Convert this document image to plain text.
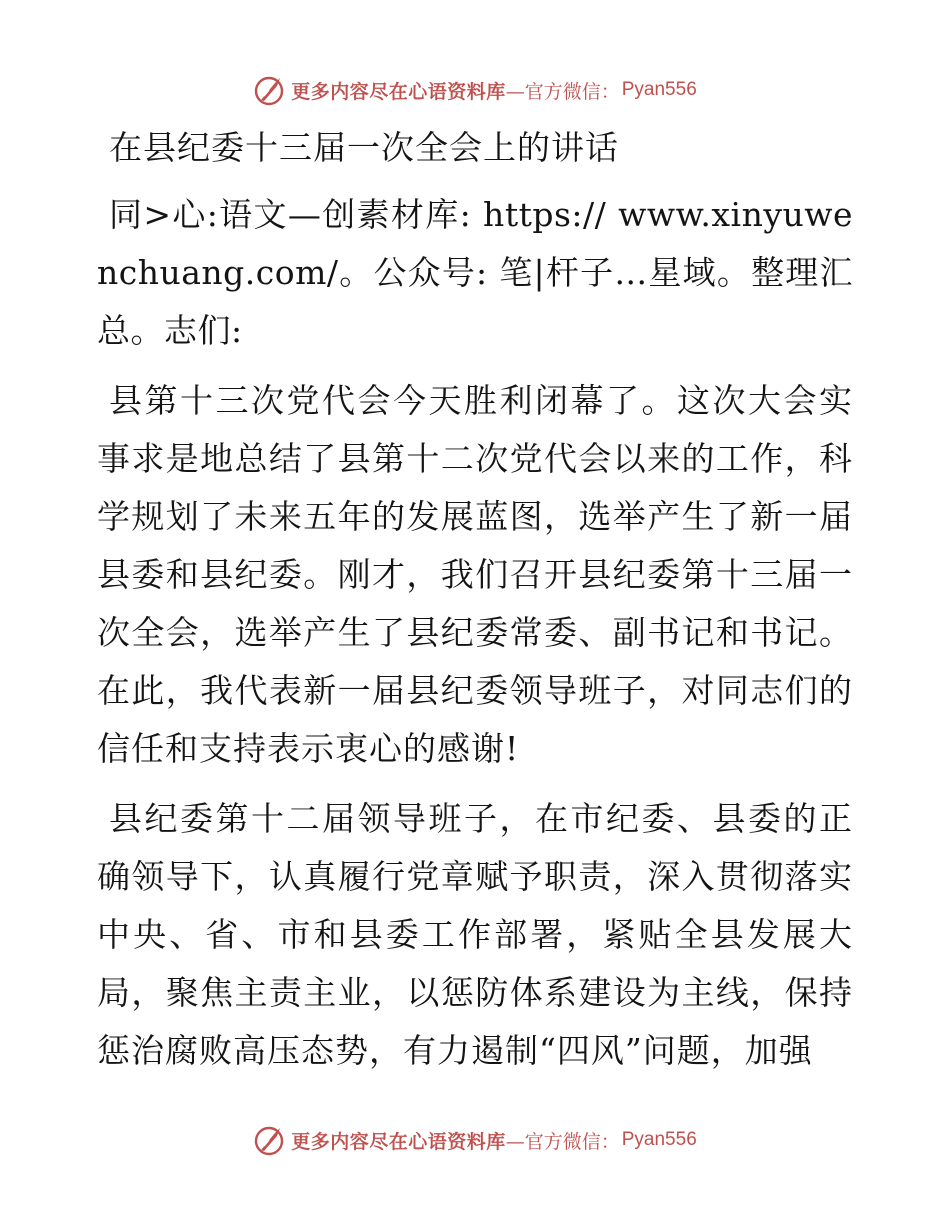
更多内容尽在心语资料库 —官方微信： Pyan556
在县纪委十三届一次全会上的讲话

同>心:语文—创素材库: https:// www.xinyuwenchuang.com/。公众号: 笔|杆子…星域。整理汇总。志们:

县第十三次党代会今天胜利闭幕了。这次大会实事求是地总结了县第十二次党代会以来的工作，科学规划了未来五年的发展蓝图，选举产生了新一届县委和县纪委。刚才，我们召开县纪委第十三届一次全会，选举产生了县纪委常委、副书记和书记。在此，我代表新一届县纪委领导班子，对同志们的信任和支持表示衷心的感谢!

县纪委第十二届领导班子，在市纪委、县委的正确领导下，认真履行党章赋予职责，深入贯彻落实中央、省、市和县委工作部署，紧贴全县发展大局，聚焦主责主业，以惩防体系建设为主线，保持惩治腐败高压态势，有力遏制“四风”问题，加强

更多内容尽在心语资料库 —官方微信： Pyan556
